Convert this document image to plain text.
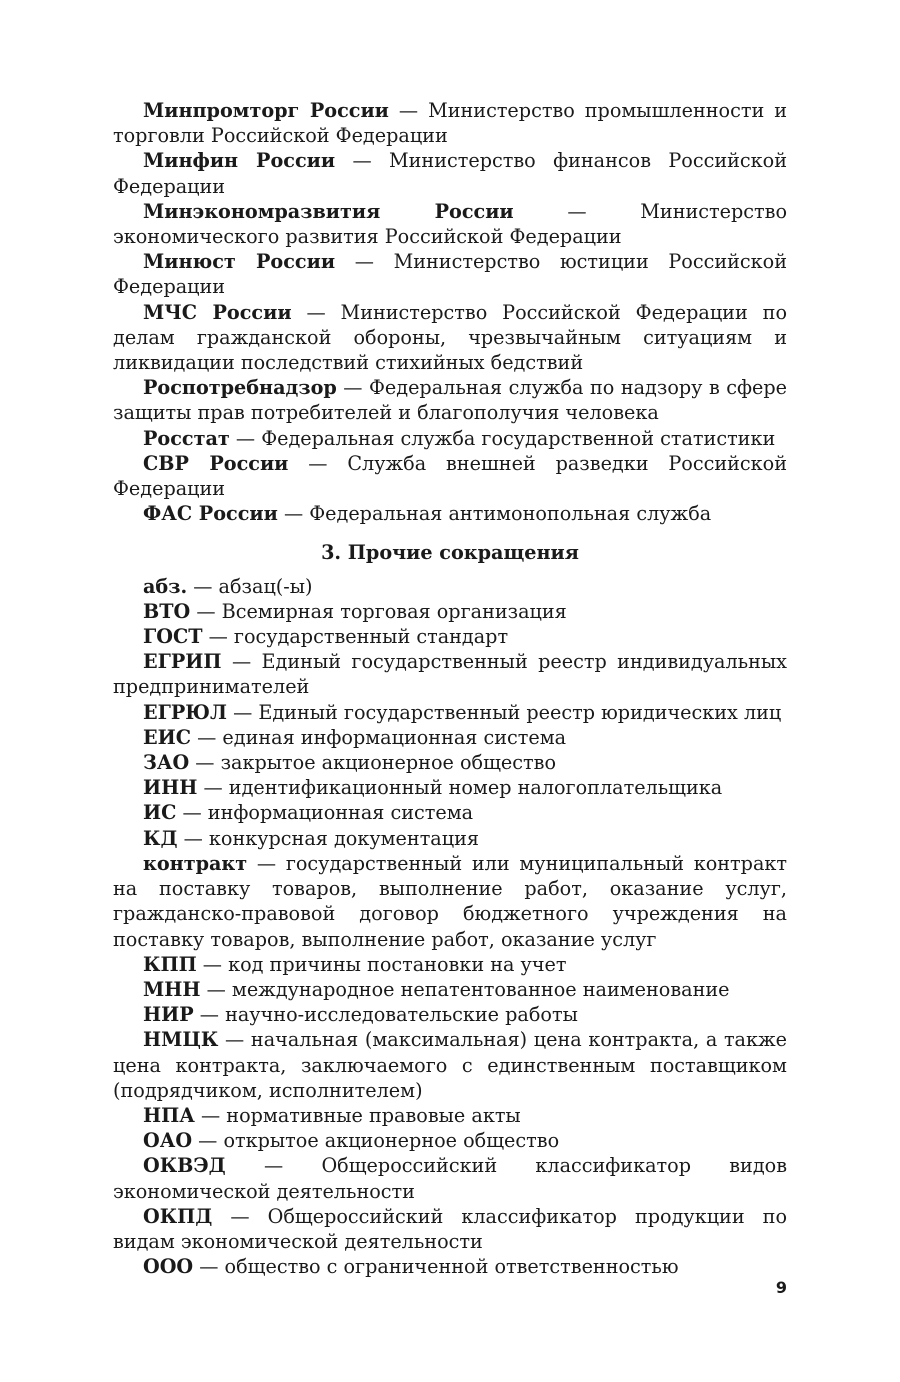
Минпромторг России — Министерство промышленности и торговли Российской Федерации

Минфин России — Министерство финансов Российской Федерации

Минэкономразвития России — Министерство экономического развития Российской Федерации

Минюст России — Министерство юстиции Российской Федерации

МЧС России — Министерство Российской Федерации по делам гражданской обороны, чрезвычайным ситуациям и ликвидации последствий стихийных бедствий

Роспотребнадзор — Федеральная служба по надзору в сфере защиты прав потребителей и благополучия человека

Росстат — Федеральная служба государственной статистики

СВР России — Служба внешней разведки Российской Федерации

ФАС России — Федеральная антимонопольная служба

3. Прочие сокращения

абз. — абзац(-ы)

ВТО — Всемирная торговая организация

ГОСТ — государственный стандарт

ЕГРИП — Единый государственный реестр индивидуальных предпринимателей

ЕГРЮЛ — Единый государственный реестр юридических лиц

ЕИС — единая информационная система

ЗАО — закрытое акционерное общество

ИНН — идентификационный номер налогоплательщика

ИС — информационная система

КД — конкурсная документация

контракт — государственный или муниципальный контракт на поставку товаров, выполнение работ, оказание услуг, гражданско-правовой договор бюджетного учреждения на поставку товаров, выполнение работ, оказание услуг

КПП — код причины постановки на учет

МНН — международное непатентованное наименование

НИР — научно-исследовательские работы

НМЦК — начальная (максимальная) цена контракта, а также цена контракта, заключаемого с единственным поставщиком (подрядчиком, исполнителем)

НПА — нормативные правовые акты

ОАО — открытое акционерное общество

ОКВЭД — Общероссийский классификатор видов экономической деятельности

ОКПД — Общероссийский классификатор продукции по видам экономической деятельности

ООО — общество с ограниченной ответственностью

9
